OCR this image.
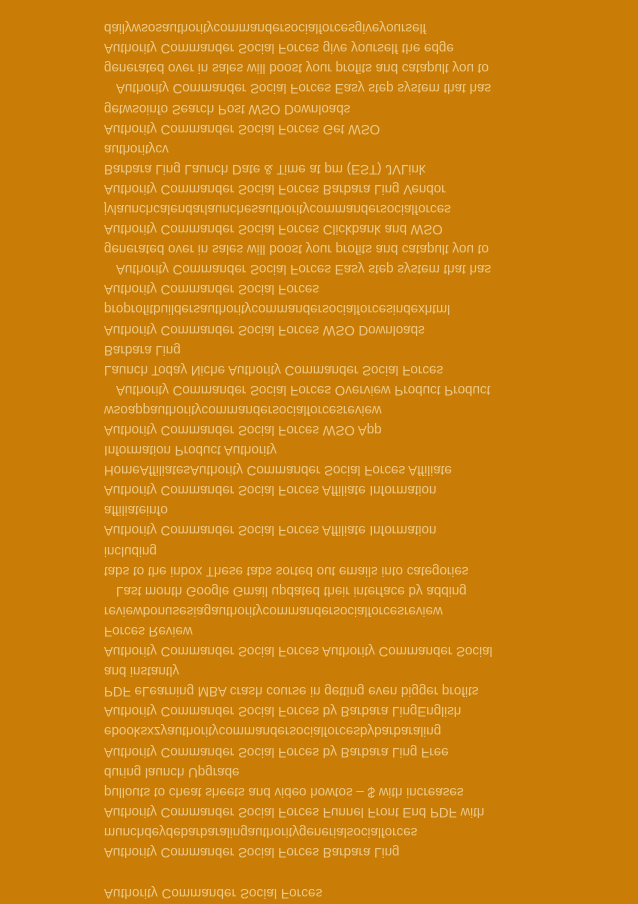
Authority Commander Social Forces
Authority Commander Social Forces Barbara Ling
munchdeydebarbaralingauthoritygenerialsocialforces
Authority Commander Social Forces Funnel Front End PDF with
pullouts to cheat sheets and video howtos – $ with increases
during launch Upgrade
Authority Commander Social Forces by Barbara Ling Free
ebooksxzyauthoritycommandersocialforcesbybarbaraling
Authority Commander Social Forces by Barbara LingEnglish
PDF eLearning MBA crash course in getting even bigger profits
and instantly
Authority Commander Social Forces Authority Commander Social
Forces Review
reviewbonusesiagauthoritycommandersocialforcesreview
Last month Google Gmail updated their interface by adding
tabs to the inbox These tabs sorted out emails into categories
including
Authority Commander Social Forces Affiliate Information
affiliateinfo
Authority Commander Social Forces Affiliate Information
HomeAffiliatesAuthority Commander Social Forces Affiliate
Information Product Authority
Authority Commander Social Forces WSO App
wsoappauthoritycommandersocialforcesreview
Authority Commander Social Forces Overview Product Product
Launch Today Niche Authority Commander Social Forces
Barbara Ling
Authority Commander Social Forces WSO Downloads
proprofitbuildersauthoritycommandersocialforcesindexhtml
Authority Commander Social Forces
Authority Commander Social Forces Easy step system that has
generated over in sales will boost your profits and catapult you to
Authority Commander Social Forces Clickbank and WSO
jvlaunchcalendarlaunchesauthoritycommandersocialforces
Authority Commander Social Forces Barbara Ling Vendor
Barbara Ling Launch Date & Time at pm (EST) JVLink
authoritycv
Authority Commander Social Forces Get WSO
getwsoinfo Search Post WSO Downloads
Authority Commander Social Forces Easy step system that has
generated over in sales will boost your profits and catapult you to
Authority Commander Social Forces give yourself the edge
dailywsosauthoritycommandersocialforcesgiveyourself
